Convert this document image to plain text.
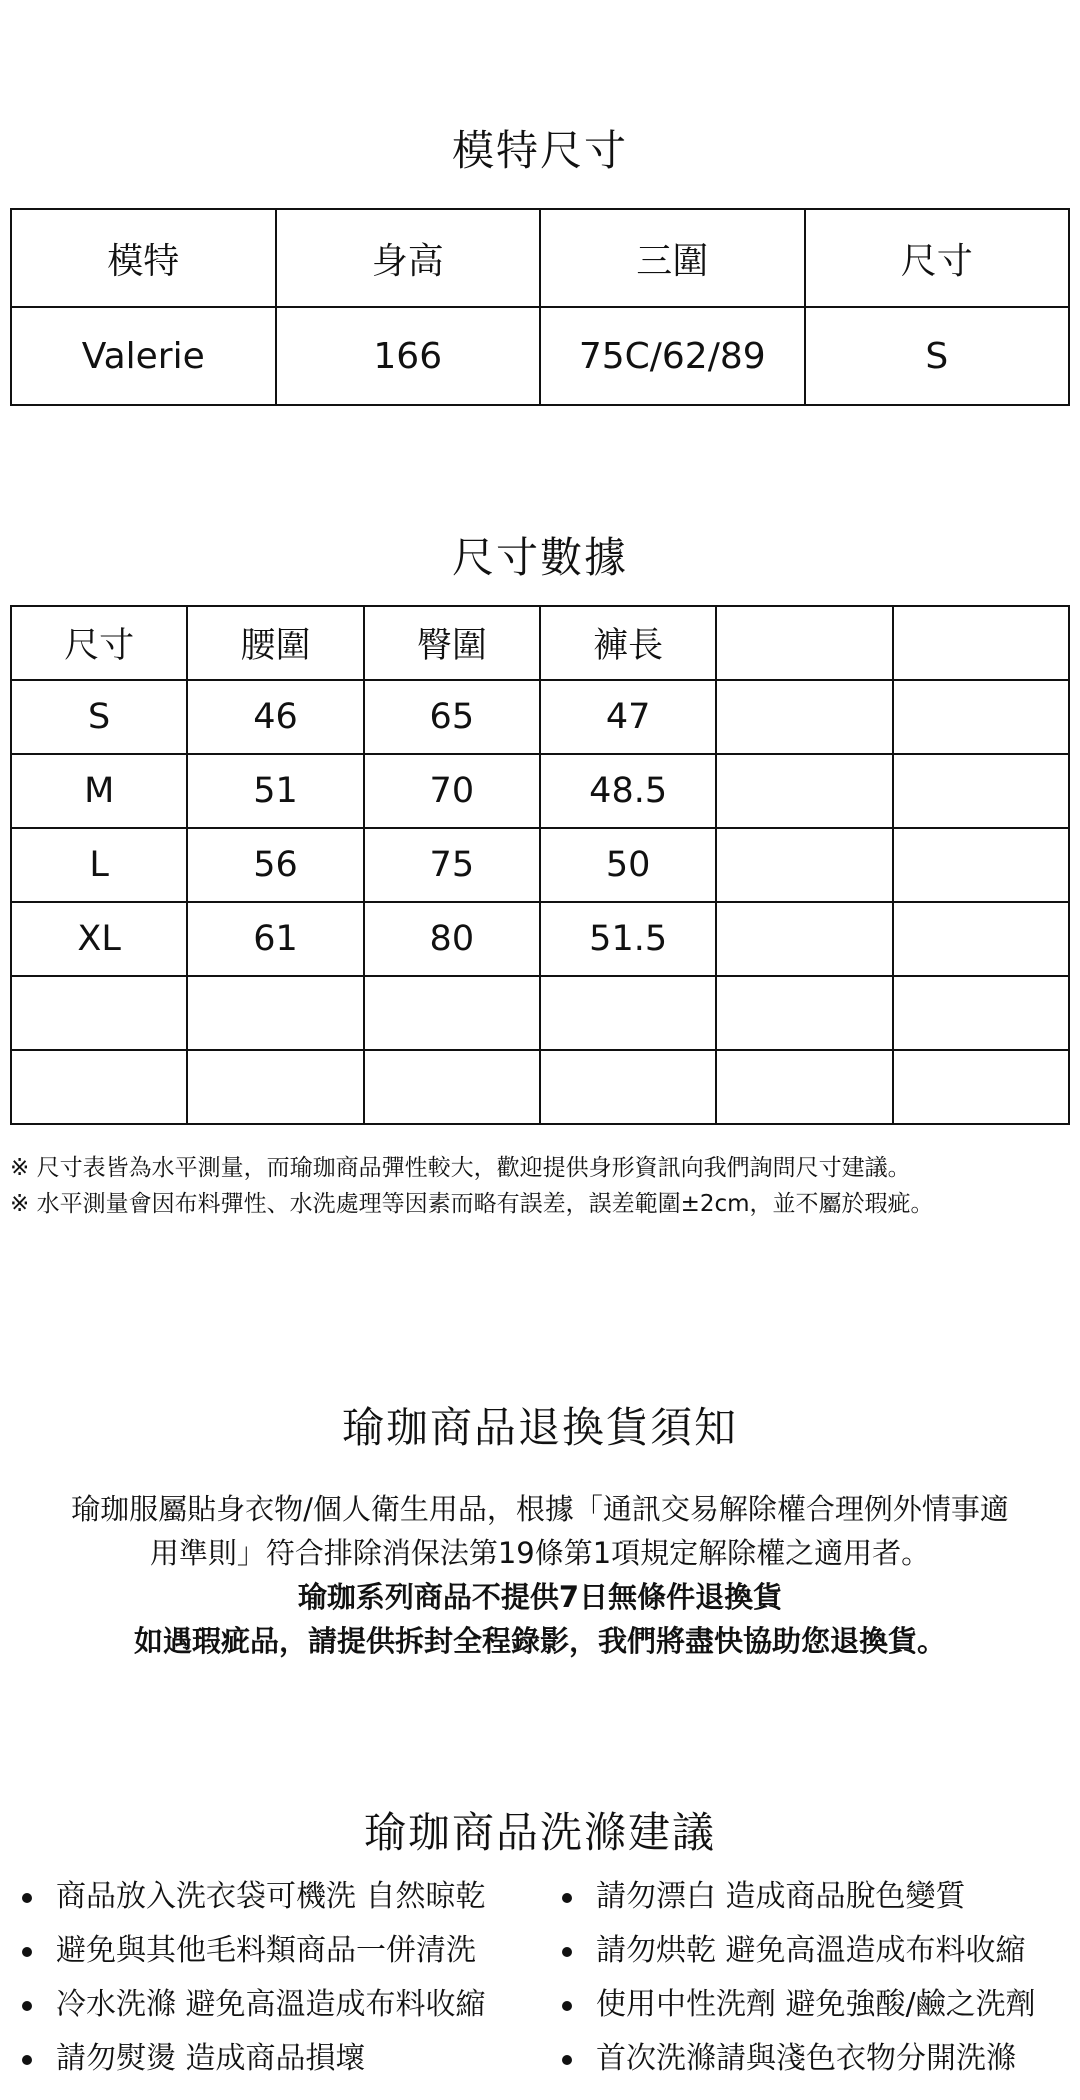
模特尺寸
模特	身高	三圍	尺寸
Valerie	166	75C/62/89	S
尺寸數據
尺寸	腰圍	臀圍	褲長		
S	46	65	47		
M	51	70	48.5		
L	56	75	50		
XL	61	80	51.5		

※ 尺寸表皆為水平測量，而瑜珈商品彈性較大，歡迎提供身形資訊向我們詢問尺寸建議。
※ 水平測量會因布料彈性、水洗處理等因素而略有誤差，誤差範圍±2cm，並不屬於瑕疵。
瑜珈商品退換貨須知
瑜珈服屬貼身衣物/個人衛生用品，根據「通訊交易解除權合理例外情事適
用準則」符合排除消保法第19條第1項規定解除權之適用者。
瑜珈系列商品不提供7日無條件退換貨
如遇瑕疵品，請提供拆封全程錄影，我們將盡快協助您退換貨。
瑜珈商品洗滌建議
商品放入洗衣袋可機洗 自然晾乾
避免與其他毛料類商品一併清洗
冷水洗滌 避免高溫造成布料收縮
請勿熨燙 造成商品損壞
請勿漂白 造成商品脫色變質
請勿烘乾 避免高溫造成布料收縮
使用中性洗劑 避免強酸/鹼之洗劑
首次洗滌請與淺色衣物分開洗滌
